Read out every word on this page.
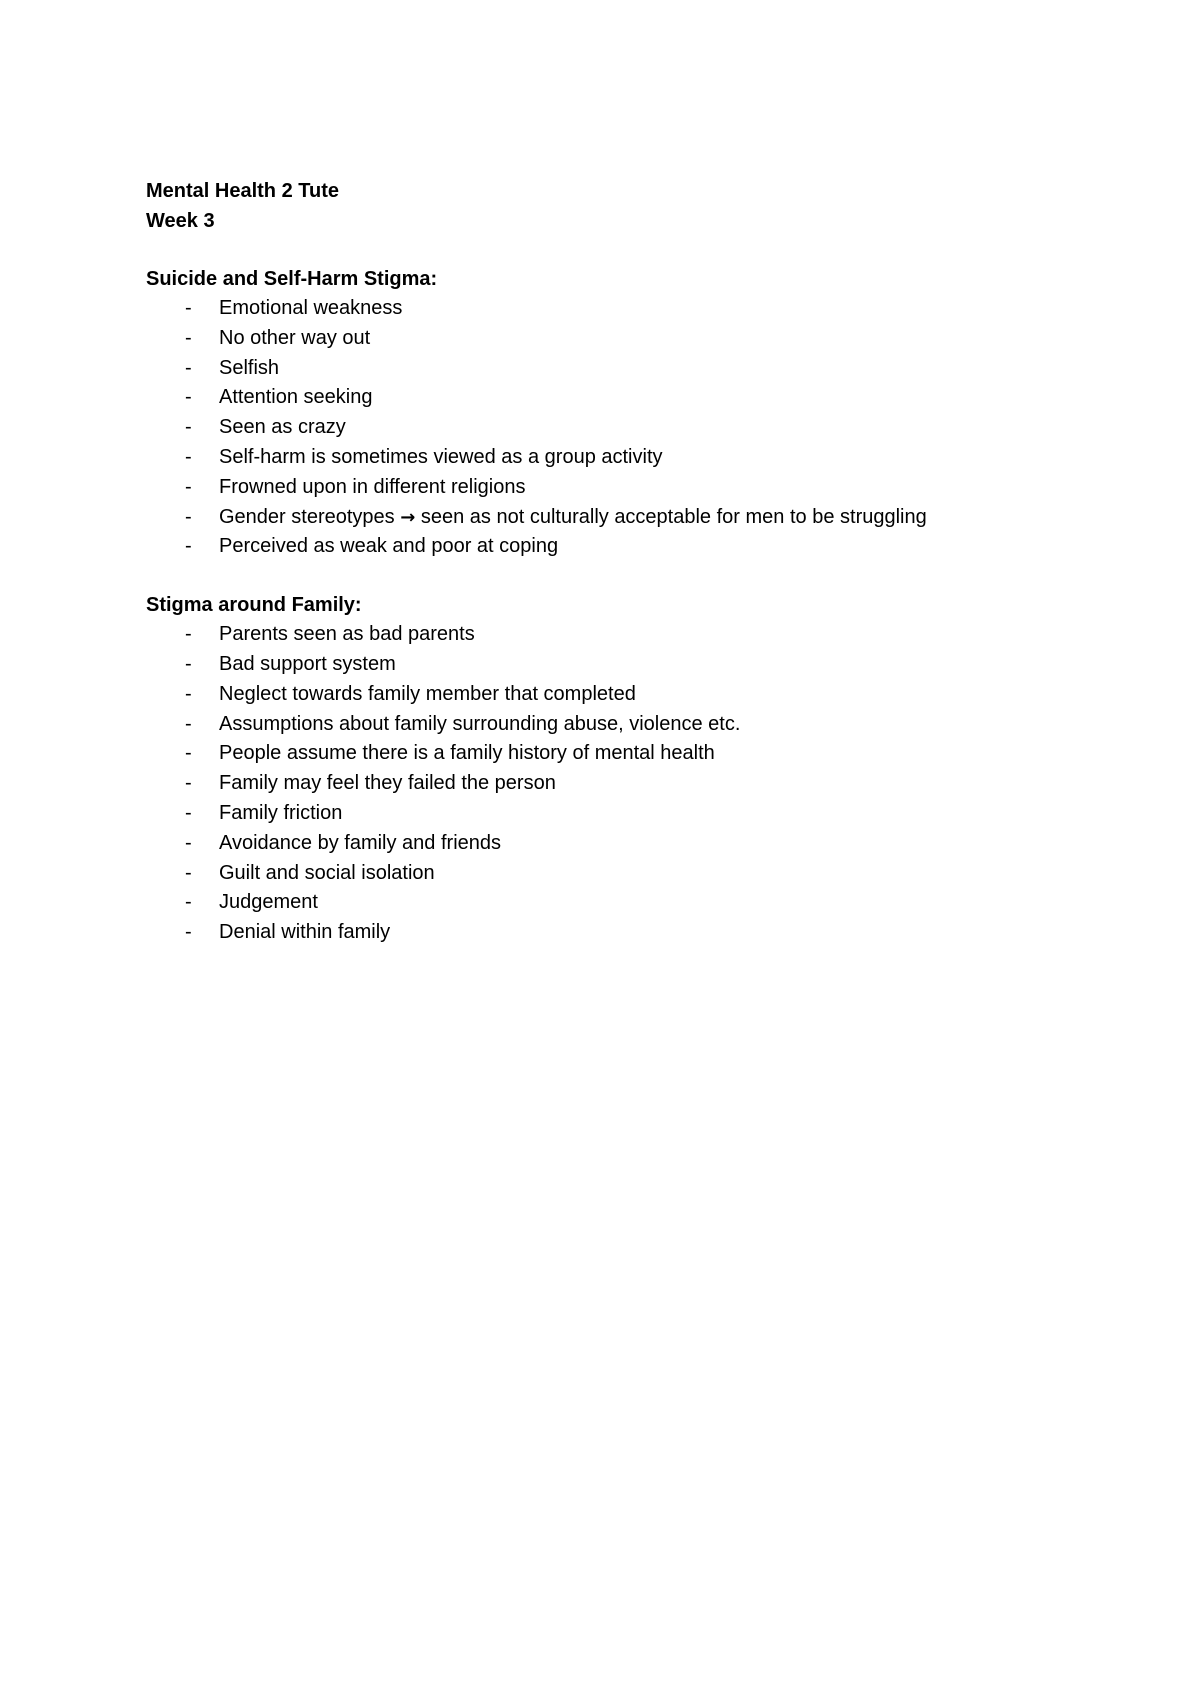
Mental Health 2 Tute

Week 3

Suicide and Self-Harm Stigma:

- Emotional weakness
- No other way out
- Selfish
- Attention seeking
- Seen as crazy
- Self-harm is sometimes viewed as a group activity
- Frowned upon in different religions
- Gender stereotypes → seen as not culturally acceptable for men to be struggling
- Perceived as weak and poor at coping

Stigma around Family:

- Parents seen as bad parents
- Bad support system
- Neglect towards family member that completed
- Assumptions about family surrounding abuse, violence etc.
- People assume there is a family history of mental health
- Family may feel they failed the person
- Family friction
- Avoidance by family and friends
- Guilt and social isolation
- Judgement
- Denial within family
